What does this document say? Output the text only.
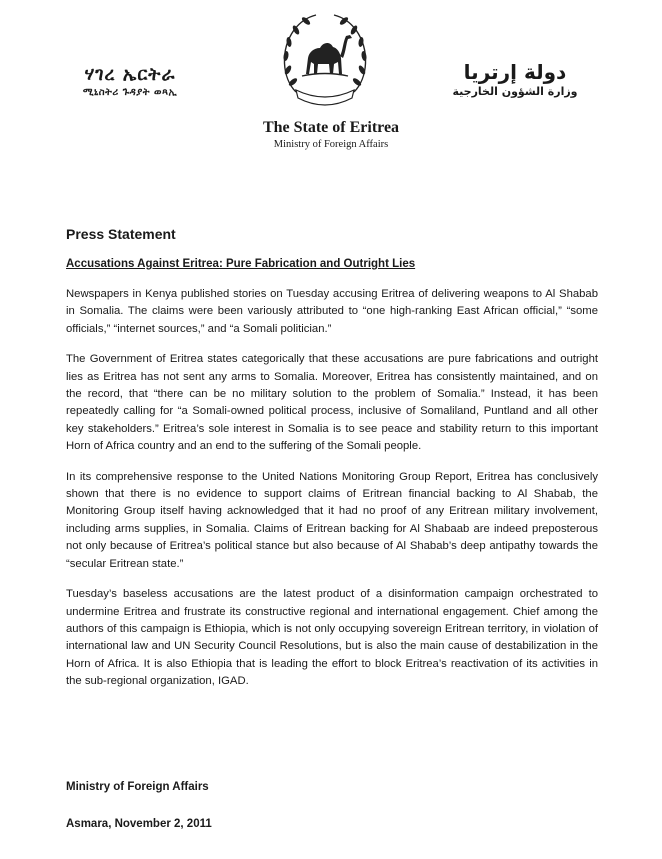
ሃገረ ኤርትራ
ሚኒስትሪ ጉዳያት ወጻኢ
دولة إرتريا
وزارة الشؤون الخارجية
The State of Eritrea
Ministry of Foreign Affairs
Press Statement
Accusations Against Eritrea: Pure Fabrication and Outright Lies

Newspapers in Kenya published stories on Tuesday accusing Eritrea of delivering weapons to Al Shabab in Somalia. The claims were been variously attributed to “one high-ranking East African official,” “some officials,” “internet sources,” and “a Somali politician.”

The Government of Eritrea states categorically that these accusations are pure fabrications and outright lies as Eritrea has not sent any arms to Somalia. Moreover, Eritrea has consistently maintained, and on the record, that “there can be no military solution to the problem of Somalia.” Instead, it has been repeatedly calling for “a Somali-owned political process, inclusive of Somaliland, Puntland and all other key stakeholders.” Eritrea’s sole interest in Somalia is to see peace and stability return to this important Horn of Africa country and an end to the suffering of the Somali people.

In its comprehensive response to the United Nations Monitoring Group Report, Eritrea has conclusively shown that there is no evidence to support claims of Eritrean financial backing to Al Shabab, the Monitoring Group itself having acknowledged that it had no proof of any Eritrean military involvement, including arms supplies, in Somalia. Claims of Eritrean backing for Al Shabaab are indeed preposterous not only because of Eritrea’s political stance but also because of Al Shabab’s deep antipathy towards the “secular Eritrean state.”

Tuesday’s baseless accusations are the latest product of a disinformation campaign orchestrated to undermine Eritrea and frustrate its constructive regional and international engagement. Chief among the authors of this campaign is Ethiopia, which is not only occupying sovereign Eritrean territory, in violation of international law and UN Security Council Resolutions, but is also the main cause of destabilization in the Horn of Africa. It is also Ethiopia that is leading the effort to block Eritrea’s reactivation of its activities in the sub-regional organization, IGAD.

Ministry of Foreign Affairs
Asmara, November 2, 2011
